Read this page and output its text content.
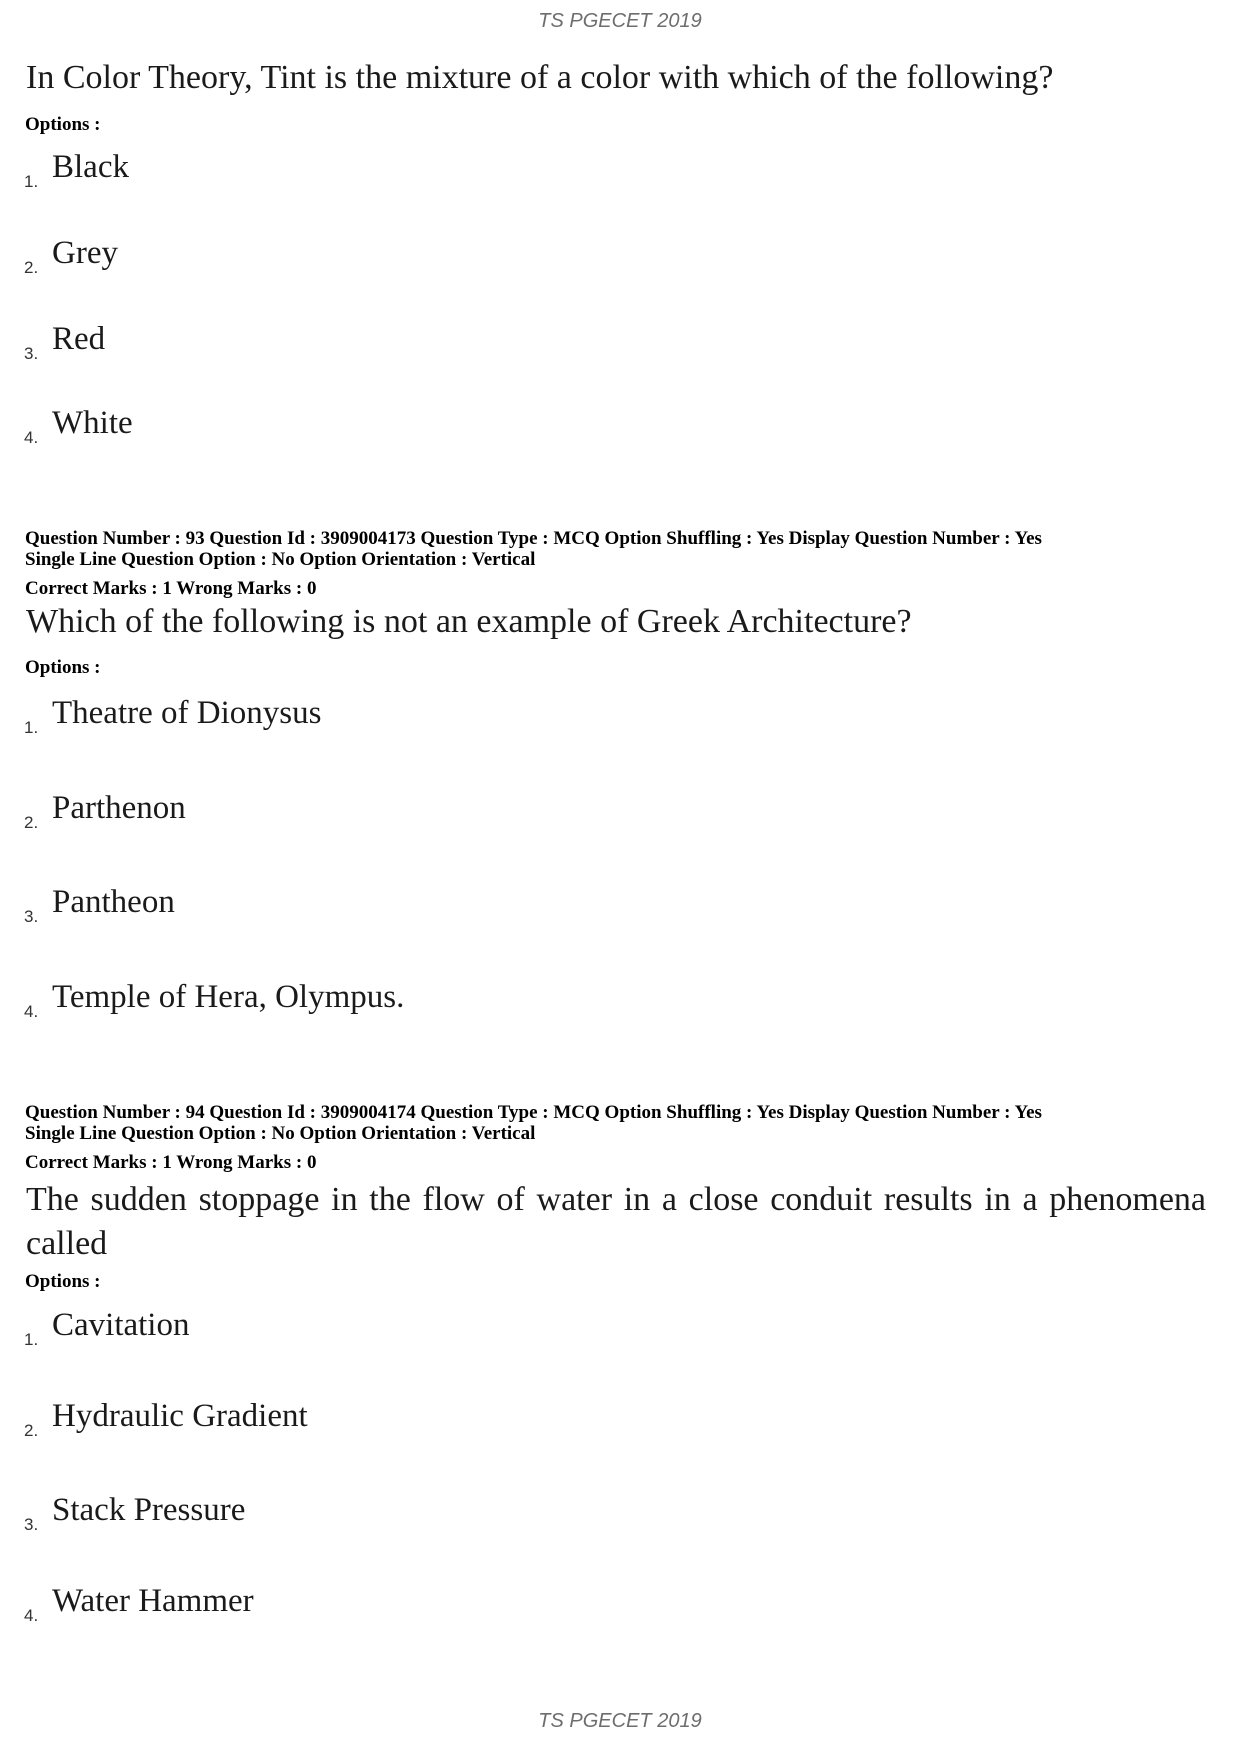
TS PGECET 2019
In Color Theory, Tint is the mixture of a color with which of the following?
Options :
1. Black
2. Grey
3. Red
4. White
Question Number : 93 Question Id : 3909004173 Question Type : MCQ Option Shuffling : Yes Display Question Number : Yes
Single Line Question Option : No Option Orientation : Vertical
Correct Marks : 1 Wrong Marks : 0
Which of the following is not an example of Greek Architecture?
Options :
1. Theatre of Dionysus
2. Parthenon
3. Pantheon
4. Temple of Hera, Olympus.
Question Number : 94 Question Id : 3909004174 Question Type : MCQ Option Shuffling : Yes Display Question Number : Yes
Single Line Question Option : No Option Orientation : Vertical
Correct Marks : 1 Wrong Marks : 0
The sudden stoppage in the flow of water in a close conduit results in a phenomena called
Options :
1. Cavitation
2. Hydraulic Gradient
3. Stack Pressure
4. Water Hammer
TS PGECET 2019
